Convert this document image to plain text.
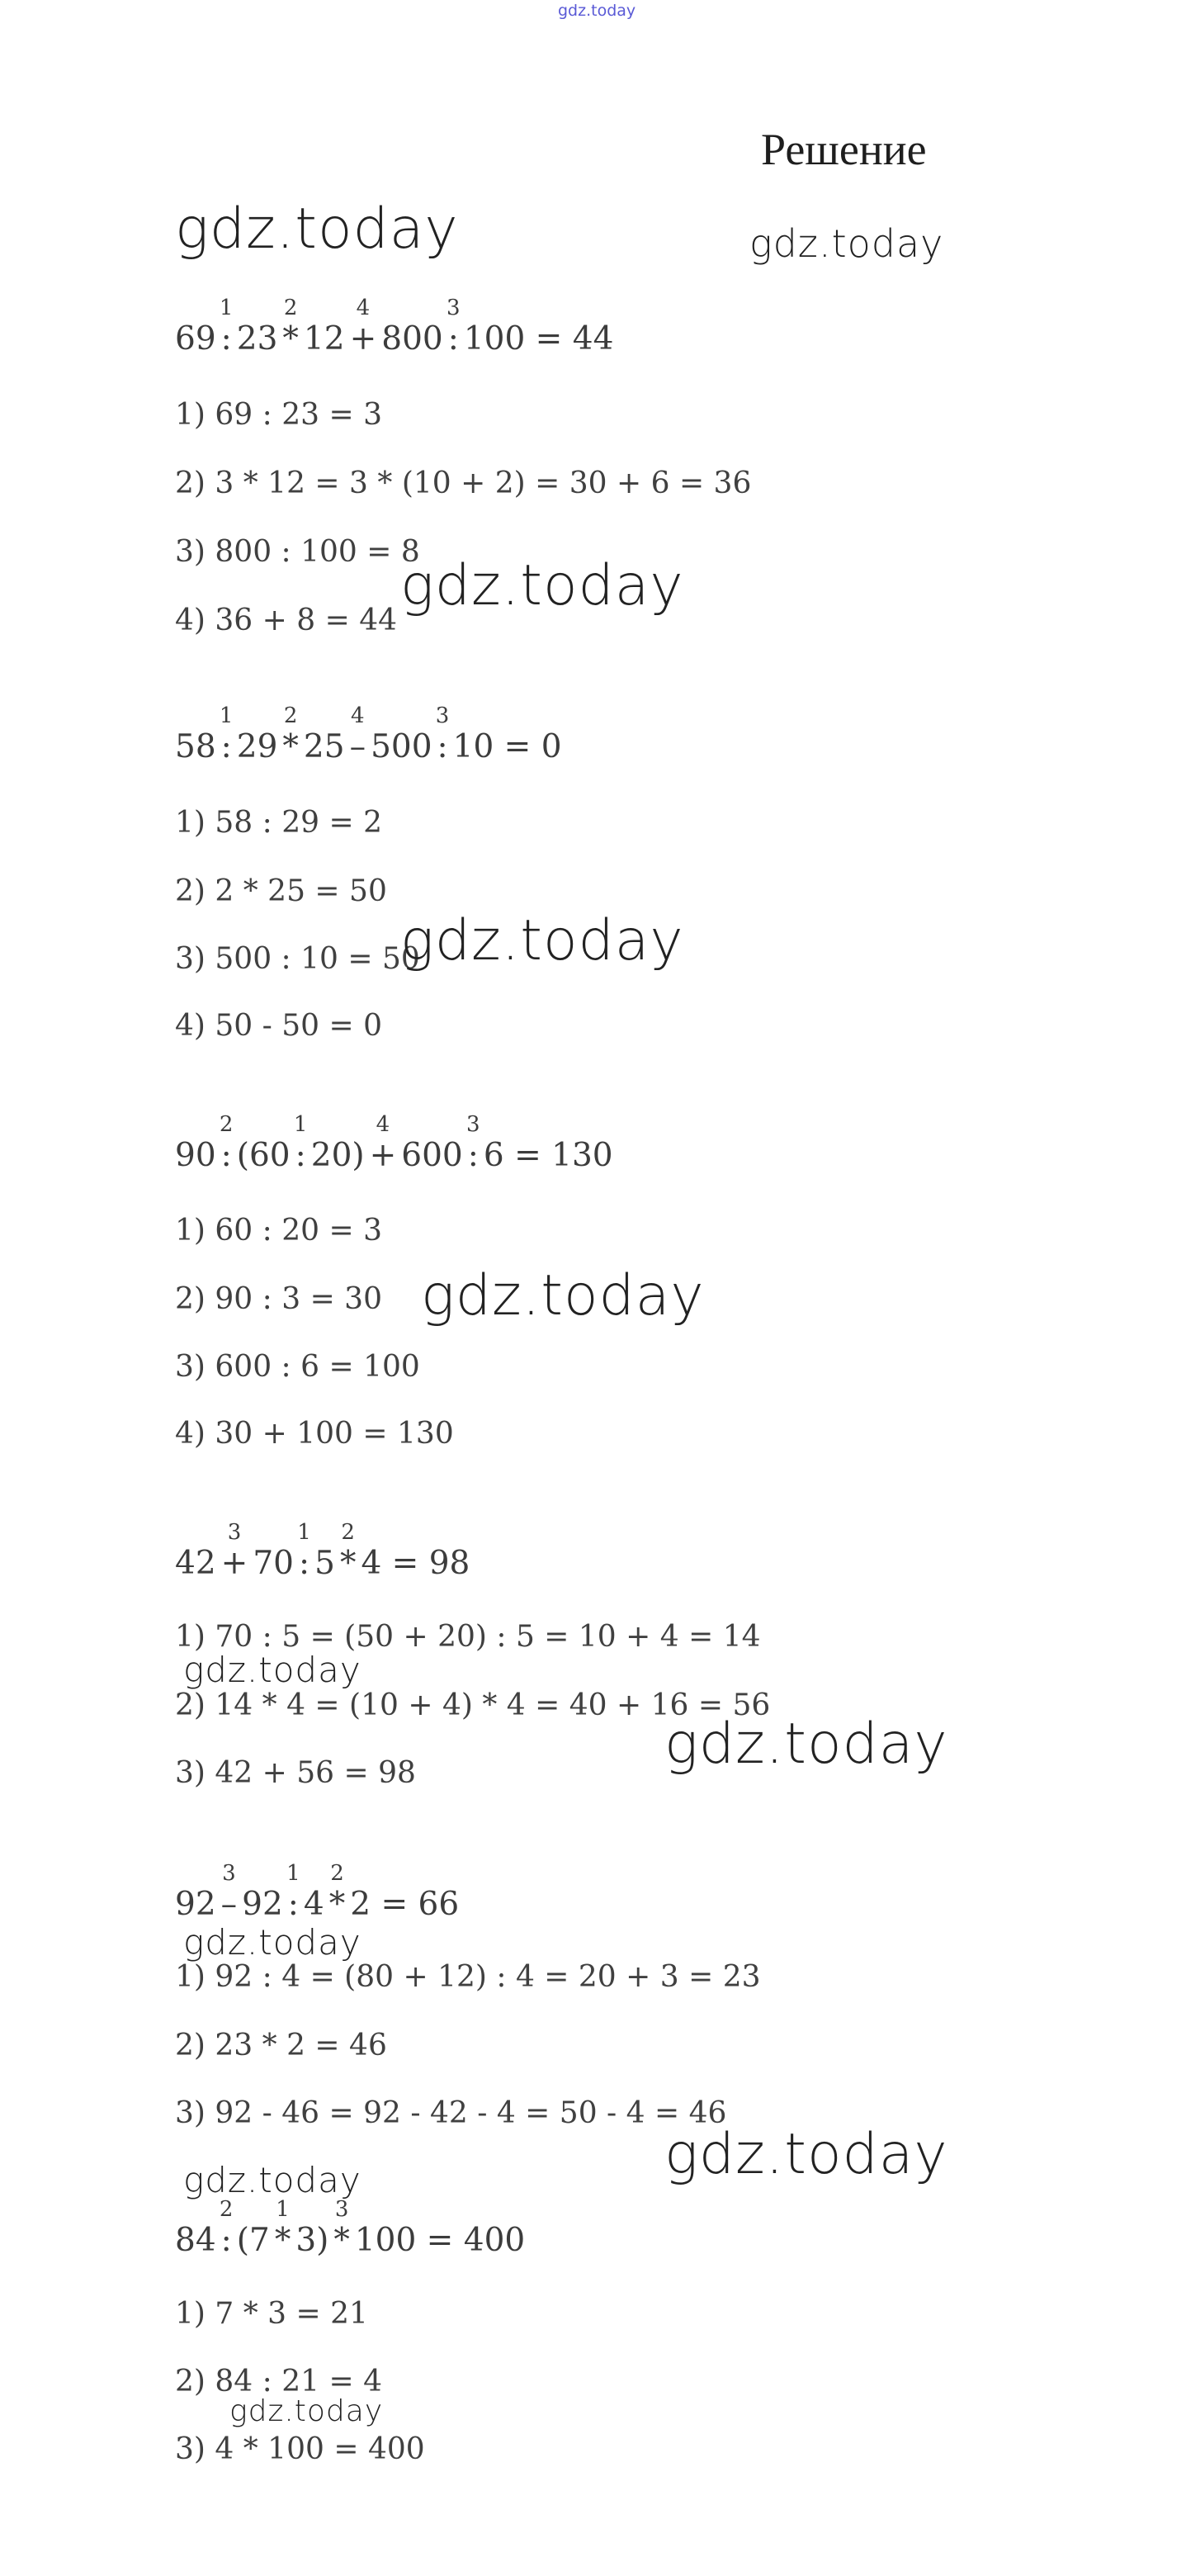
gdz.today
Решение
69
1
: 23
2
* 12
4
+ 800
3
: 100 = 44
1) 69 : 23 = 3
2) 3 * 12 = 3 * (10 + 2) = 30 + 6 = 36
3) 800 : 100 = 8
4) 36 + 8 = 44
58
1
: 29
2
* 25
4
– 500
3
: 10 = 0
1) 58 : 29 = 2
2) 2 * 25 = 50
3) 500 : 10 = 50
4) 50 - 50 = 0
90
2
: (60
1
: 20)
4
+ 600
3
: 6 = 130
1) 60 : 20 = 3
2) 90 : 3 = 30
3) 600 : 6 = 100
4) 30 + 100 = 130
42
3
+ 70
1
: 5
2
* 4 = 98
1) 70 : 5 = (50 + 20) : 5 = 10 + 4 = 14
2) 14 * 4 = (10 + 4) * 4 = 40 + 16 = 56
3) 42 + 56 = 98
92
3
– 92
1
: 4
2
* 2 = 66
1) 92 : 4 = (80 + 12) : 4 = 20 + 3 = 23
2) 23 * 2 = 46
3) 92 - 46 = 92 - 42 - 4 = 50 - 4 = 46
84
2
: (7
1
* 3)
3
* 100 = 400
1) 7 * 3 = 21
2) 84 : 21 = 4
3) 4 * 100 = 400
gdz.today	gdz.today
gdz.today
gdz.today
gdz.today
gdz.today
gdz.today
gdz.today
gdz.today
gdz.today
gdz.today
